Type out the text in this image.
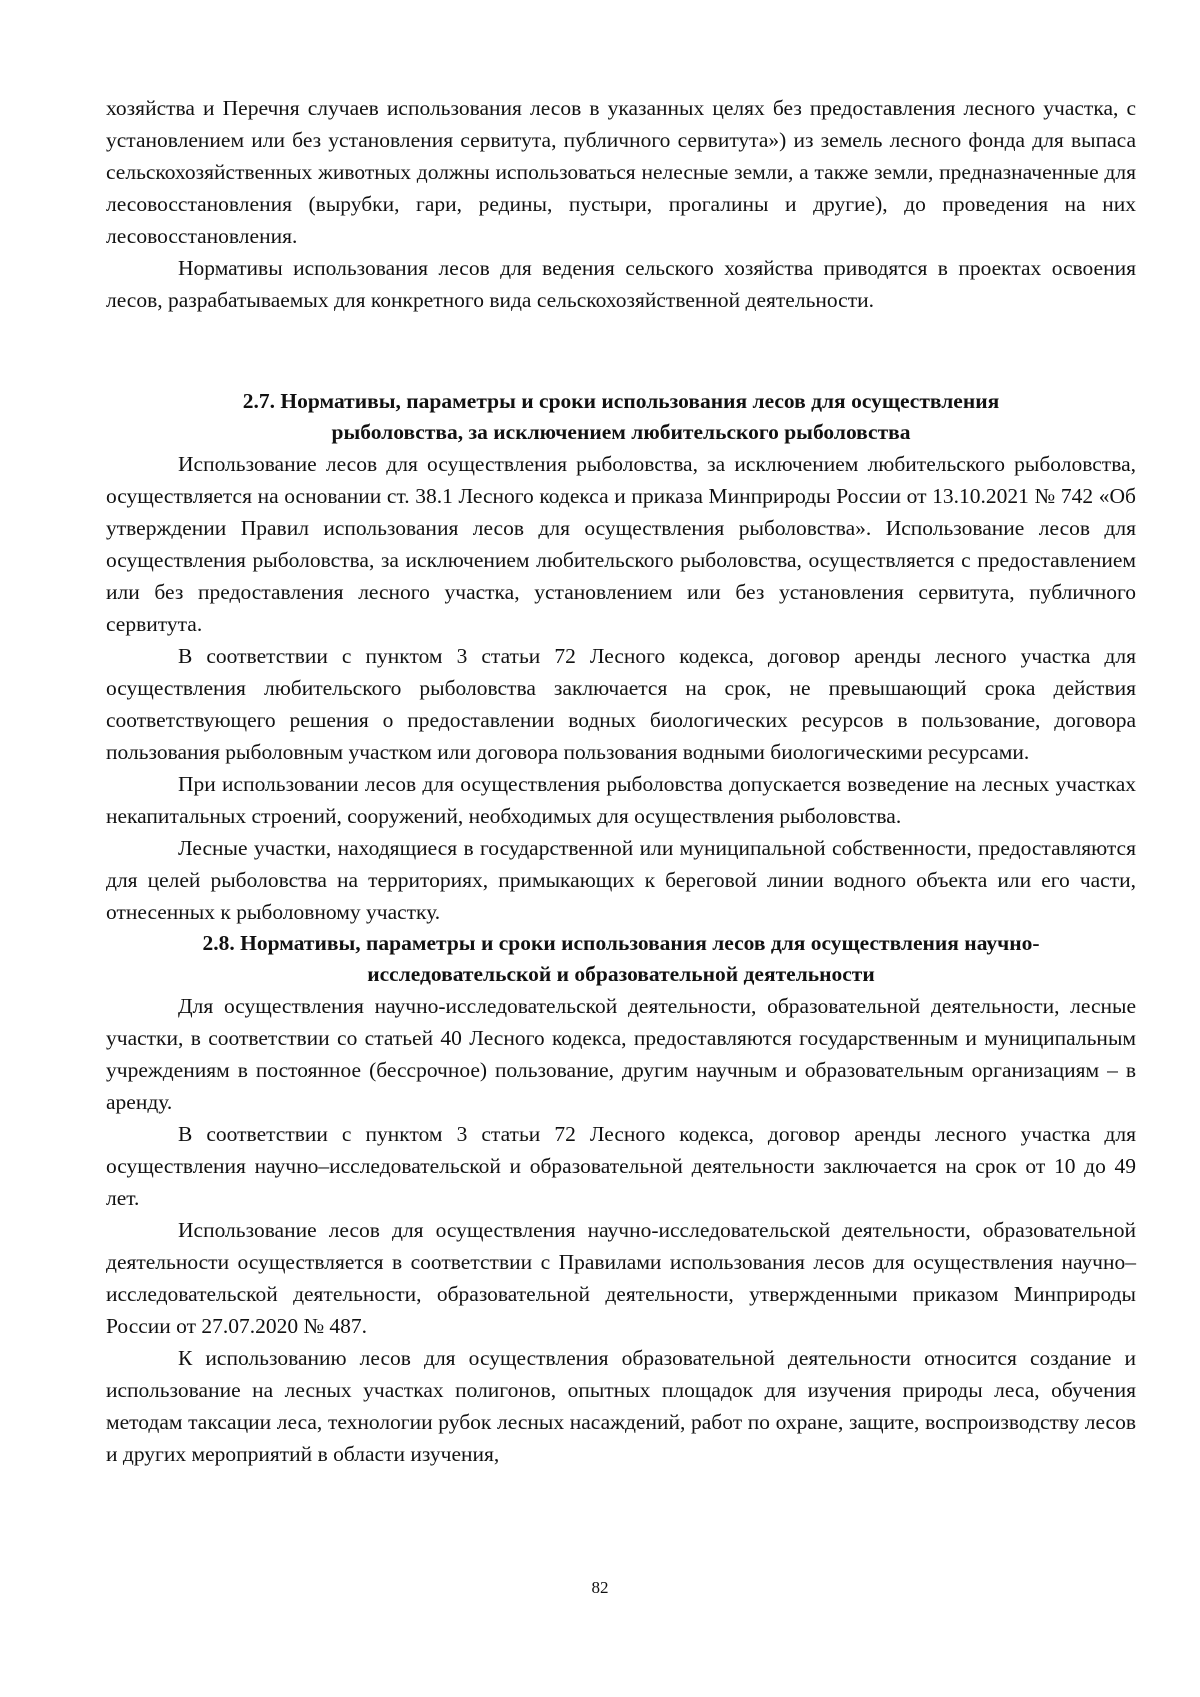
хозяйства и Перечня случаев использования лесов в указанных целях без предоставления лесного участка, с установлением или без установления сервитута, публичного сервитута») из земель лесного фонда для выпаса сельскохозяйственных животных должны использоваться нелесные земли, а также земли, предназначенные для лесовосстановления (вырубки, гари, редины, пустыри, прогалины и другие), до проведения на них лесовосстановления.

Нормативы использования лесов для ведения сельского хозяйства приводятся в проектах освоения лесов, разрабатываемых для конкретного вида сельскохозяйственной деятельности.

2.7. Нормативы, параметры и сроки использования лесов для осуществления
рыболовства, за исключением любительского рыболовства

Использование лесов для осуществления рыболовства, за исключением любительского рыболовства, осуществляется на основании ст. 38.1 Лесного кодекса и приказа Минприроды России от 13.10.2021 № 742 «Об утверждении Правил использования лесов для осуществления рыболовства». Использование лесов для осуществления рыболовства, за исключением любительского рыболовства, осуществляется с предоставлением или без предоставления лесного участка, установлением или без установления сервитута, публичного сервитута.

В соответствии с пунктом 3 статьи 72 Лесного кодекса, договор аренды лесного участка для осуществления любительского рыболовства заключается на срок, не превышающий срока действия соответствующего решения о предоставлении водных биологических ресурсов в пользование, договора пользования рыболовным участком или договора пользования водными биологическими ресурсами.

При использовании лесов для осуществления рыболовства допускается возведение на лесных участках некапитальных строений, сооружений, необходимых для осуществления рыболовства.

Лесные участки, находящиеся в государственной или муниципальной собственности, предоставляются для целей рыболовства на территориях, примыкающих к береговой линии водного объекта или его части, отнесенных к рыболовному участку.

2.8. Нормативы, параметры и сроки использования лесов для осуществления научно-
исследовательской и образовательной деятельности

Для осуществления научно-исследовательской деятельности, образовательной деятельности, лесные участки, в соответствии со статьей 40 Лесного кодекса, предоставляются государственным и муниципальным учреждениям в постоянное (бессрочное) пользование, другим научным и образовательным организациям – в аренду.

В соответствии с пунктом 3 статьи 72 Лесного кодекса, договор аренды лесного участка для осуществления научно–исследовательской и образовательной деятельности заключается на срок от 10 до 49 лет.

Использование лесов для осуществления научно-исследовательской деятельности, образовательной деятельности осуществляется в соответствии с Правилами использования лесов для осуществления научно–исследовательской деятельности, образовательной деятельности, утвержденными приказом Минприроды России от 27.07.2020 № 487.

К использованию лесов для осуществления образовательной деятельности относится создание и использование на лесных участках полигонов, опытных площадок для изучения природы леса, обучения методам таксации леса, технологии рубок лесных насаждений, работ по охране, защите, воспроизводству лесов и других мероприятий в области изучения,

82
